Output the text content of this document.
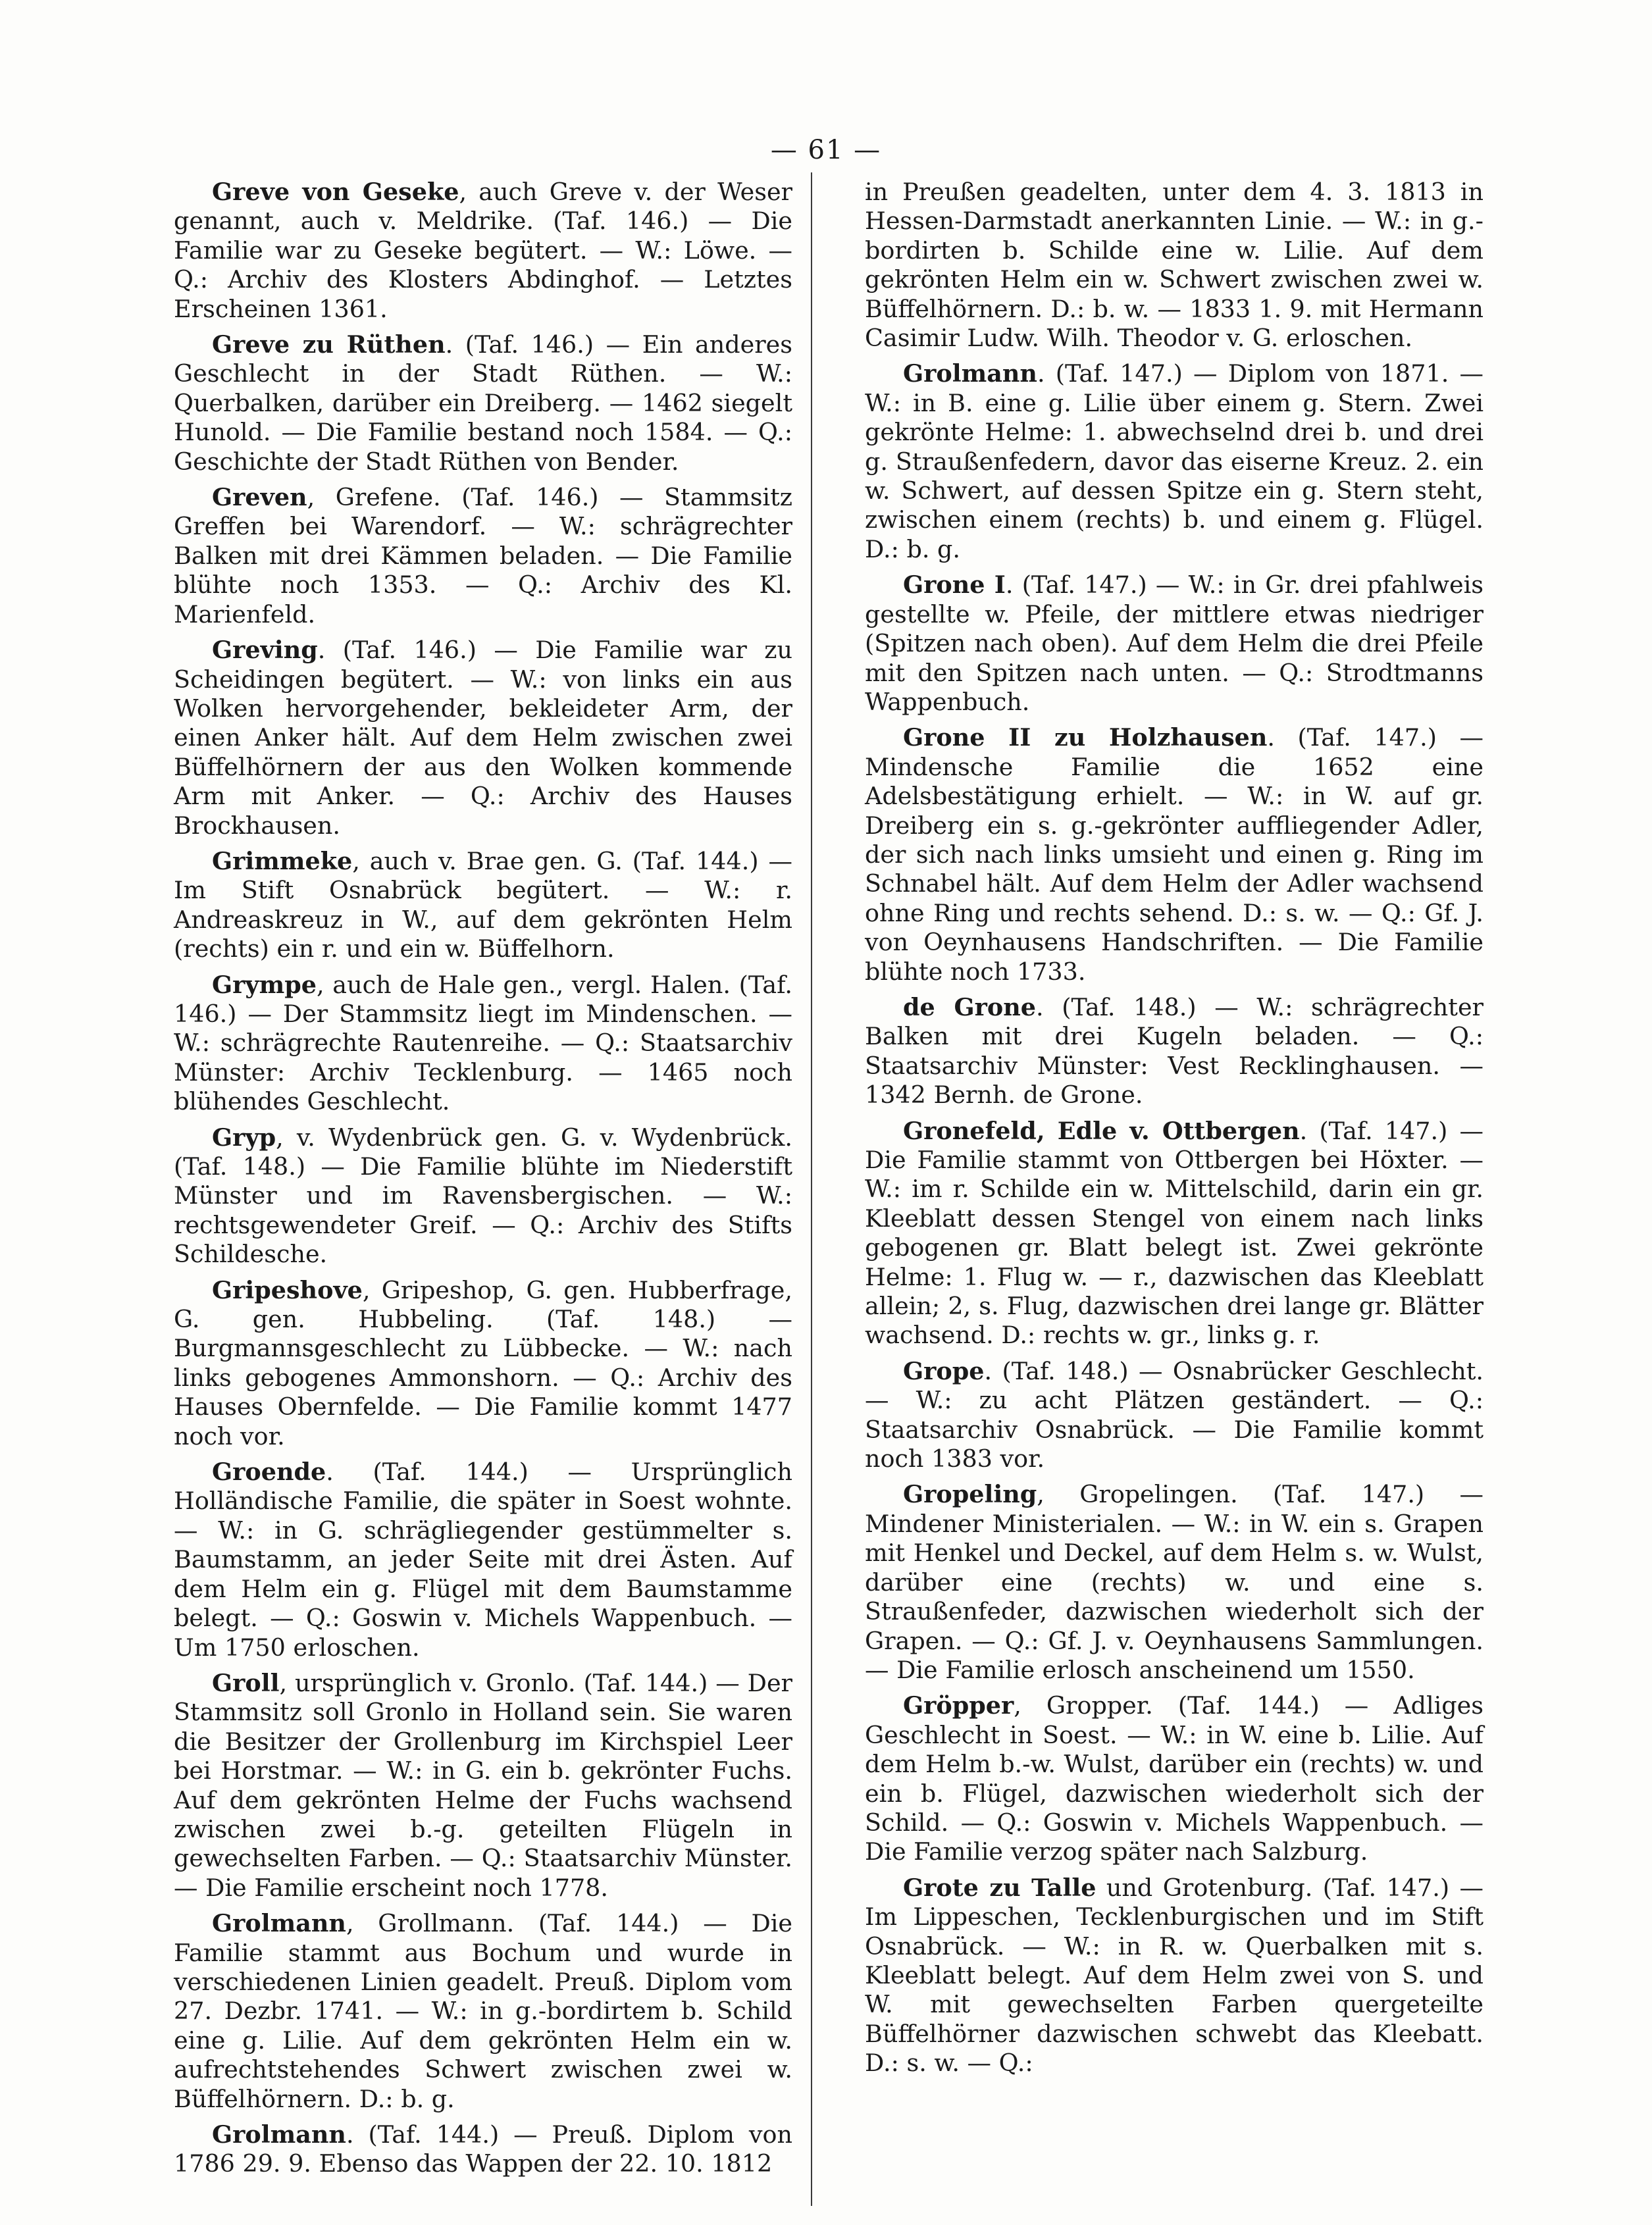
— 61 —

Greve von Geseke, auch Greve v. der Weser genannt, auch v. Meldrike. (Taf. 146.) — Die Familie war zu Geseke begütert. — W.: Löwe. — Q.: Archiv des Klosters Abdinghof. — Letztes Erscheinen 1361.

Greve zu Rüthen. (Taf. 146.) — Ein anderes Geschlecht in der Stadt Rüthen. — W.: Querbalken, darüber ein Dreiberg. — 1462 siegelt Hunold. — Die Familie bestand noch 1584. — Q.: Geschichte der Stadt Rüthen von Bender.

Greven, Grefene. (Taf. 146.) — Stammsitz Greffen bei Warendorf. — W.: schrägrechter Balken mit drei Kämmen beladen. — Die Familie blühte noch 1353. — Q.: Archiv des Kl. Marienfeld.

Greving. (Taf. 146.) — Die Familie war zu Scheidingen begütert. — W.: von links ein aus Wolken hervorgehender, bekleideter Arm, der einen Anker hält. Auf dem Helm zwischen zwei Büffelhörnern der aus den Wolken kommende Arm mit Anker. — Q.: Archiv des Hauses Brockhausen.

Grimmeke, auch v. Brae gen. G. (Taf. 144.) — Im Stift Osnabrück begütert. — W.: r. Andreaskreuz in W., auf dem gekrönten Helm (rechts) ein r. und ein w. Büffelhorn.

Grympe, auch de Hale gen., vergl. Halen. (Taf. 146.) — Der Stammsitz liegt im Mindenschen. — W.: schrägrechte Rautenreihe. — Q.: Staatsarchiv Münster: Archiv Tecklenburg. — 1465 noch blühendes Geschlecht.

Gryp, v. Wydenbrück gen. G. v. Wydenbrück. (Taf. 148.) — Die Familie blühte im Niederstift Münster und im Ravensbergischen. — W.: rechtsgewendeter Greif. — Q.: Archiv des Stifts Schildesche.

Gripeshove, Gripeshop, G. gen. Hubberfrage, G. gen. Hubbeling. (Taf. 148.) — Burgmannsgeschlecht zu Lübbecke. — W.: nach links gebogenes Ammonshorn. — Q.: Archiv des Hauses Obernfelde. — Die Familie kommt 1477 noch vor.

Groende. (Taf. 144.) — Ursprünglich Holländische Familie, die später in Soest wohnte. — W.: in G. schrägliegender gestümmelter s. Baumstamm, an jeder Seite mit drei Ästen. Auf dem Helm ein g. Flügel mit dem Baumstamme belegt. — Q.: Goswin v. Michels Wappenbuch. — Um 1750 erloschen.

Groll, ursprünglich v. Gronlo. (Taf. 144.) — Der Stammsitz soll Gronlo in Holland sein. Sie waren die Besitzer der Grollenburg im Kirchspiel Leer bei Horstmar. — W.: in G. ein b. gekrönter Fuchs. Auf dem gekrönten Helme der Fuchs wachsend zwischen zwei b.-g. geteilten Flügeln in gewechselten Farben. — Q.: Staatsarchiv Münster. — Die Familie erscheint noch 1778.

Grolmann, Grollmann. (Taf. 144.) — Die Familie stammt aus Bochum und wurde in verschiedenen Linien geadelt. Preuß. Diplom vom 27. Dezbr. 1741. — W.: in g.-bordirtem b. Schild eine g. Lilie. Auf dem gekrönten Helm ein w. aufrechtstehendes Schwert zwischen zwei w. Büffelhörnern. D.: b. g.

Grolmann. (Taf. 144.) — Preuß. Diplom von 1786 29. 9. Ebenso das Wappen der 22. 10. 1812

in Preußen geadelten, unter dem 4. 3. 1813 in Hessen-Darmstadt anerkannten Linie. — W.: in g.-bordirten b. Schilde eine w. Lilie. Auf dem gekrönten Helm ein w. Schwert zwischen zwei w. Büffelhörnern. D.: b. w. — 1833 1. 9. mit Hermann Casimir Ludw. Wilh. Theodor v. G. erloschen.

Grolmann. (Taf. 147.) — Diplom von 1871. — W.: in B. eine g. Lilie über einem g. Stern. Zwei gekrönte Helme: 1. abwechselnd drei b. und drei g. Straußenfedern, davor das eiserne Kreuz. 2. ein w. Schwert, auf dessen Spitze ein g. Stern steht, zwischen einem (rechts) b. und einem g. Flügel. D.: b. g.

Grone I. (Taf. 147.) — W.: in Gr. drei pfahlweis gestellte w. Pfeile, der mittlere etwas niedriger (Spitzen nach oben). Auf dem Helm die drei Pfeile mit den Spitzen nach unten. — Q.: Strodtmanns Wappenbuch.

Grone II zu Holzhausen. (Taf. 147.) — Mindensche Familie die 1652 eine Adelsbestätigung erhielt. — W.: in W. auf gr. Dreiberg ein s. g.-gekrönter auffliegender Adler, der sich nach links umsieht und einen g. Ring im Schnabel hält. Auf dem Helm der Adler wachsend ohne Ring und rechts sehend. D.: s. w. — Q.: Gf. J. von Oeynhausens Handschriften. — Die Familie blühte noch 1733.

de Grone. (Taf. 148.) — W.: schrägrechter Balken mit drei Kugeln beladen. — Q.: Staatsarchiv Münster: Vest Recklinghausen. — 1342 Bernh. de Grone.

Gronefeld, Edle v. Ottbergen. (Taf. 147.) — Die Familie stammt von Ottbergen bei Höxter. — W.: im r. Schilde ein w. Mittelschild, darin ein gr. Kleeblatt dessen Stengel von einem nach links gebogenen gr. Blatt belegt ist. Zwei gekrönte Helme: 1. Flug w. — r., dazwischen das Kleeblatt allein; 2, s. Flug, dazwischen drei lange gr. Blätter wachsend. D.: rechts w. gr., links g. r.

Grope. (Taf. 148.) — Osnabrücker Geschlecht. — W.: zu acht Plätzen geständert. — Q.: Staatsarchiv Osnabrück. — Die Familie kommt noch 1383 vor.

Gropeling, Gropelingen. (Taf. 147.) — Mindener Ministerialen. — W.: in W. ein s. Grapen mit Henkel und Deckel, auf dem Helm s. w. Wulst, darüber eine (rechts) w. und eine s. Straußenfeder, dazwischen wiederholt sich der Grapen. — Q.: Gf. J. v. Oeynhausens Sammlungen. — Die Familie erlosch anscheinend um 1550.

Gröpper, Gropper. (Taf. 144.) — Adliges Geschlecht in Soest. — W.: in W. eine b. Lilie. Auf dem Helm b.-w. Wulst, darüber ein (rechts) w. und ein b. Flügel, dazwischen wiederholt sich der Schild. — Q.: Goswin v. Michels Wappenbuch. — Die Familie verzog später nach Salzburg.

Grote zu Talle und Grotenburg. (Taf. 147.) — Im Lippeschen, Tecklenburgischen und im Stift Osnabrück. — W.: in R. w. Querbalken mit s. Kleeblatt belegt. Auf dem Helm zwei von S. und W. mit gewechselten Farben quergeteilte Büffelhörner dazwischen schwebt das Kleebatt. D.: s. w. — Q.:
